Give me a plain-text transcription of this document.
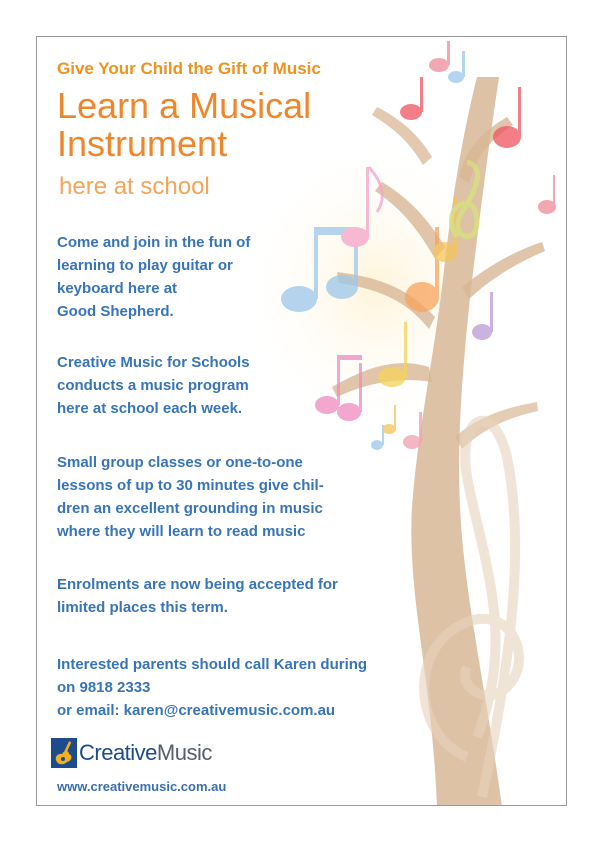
Give Your Child the Gift of Music

Learn a Musical
Instrument

here at school

Come and join in the fun of
learning to play guitar or
keyboard here at
Good Shepherd.
Creative Music for Schools
conducts a music program
here at school each week.
Small group classes or one-to-one
lessons of up to 30 minutes give chil-
dren an excellent grounding in music
where they will learn to read music
Enrolments are now being accepted for
limited places this term.
Interested parents should call Karen during
on 9818 2333
or email: karen@creativemusic.com.au
CreativeMusic

www.creativemusic.com.au
